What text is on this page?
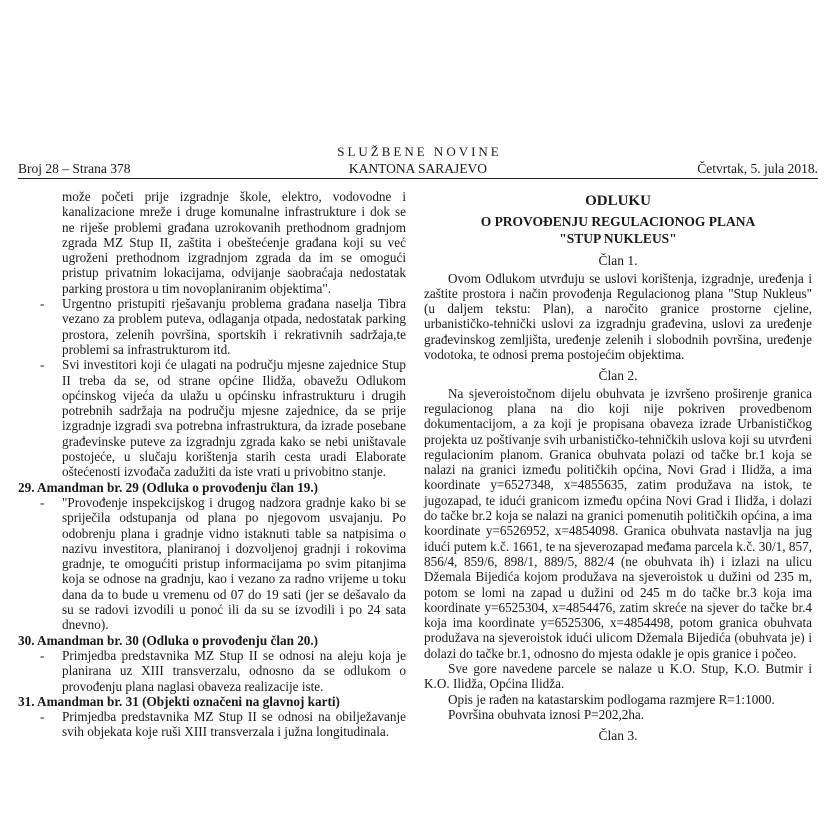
SLUŽBENE NOVINE
Broj 28 – Strana 378	KANTONA SARAJEVO	Četvrtak, 5. jula 2018.

može početi prije izgradnje škole, elektro, vodovodne i kanalizacione mreže i druge komunalne infrastrukture i dok se ne riješe problemi građana uzrokovanih prethodnom gradnjom zgrada MZ Stup II, zaštita i obeštećenje građana koji su već ugroženi prethodnom izgradnjom zgrada da im se omogući pristup privatnim lokacijama, odvijanje saobraćaja nedostatak parking prostora u tim novoplaniranim objektima".

- Urgentno pristupiti rješavanju problema građana naselja Tibra vezano za problem puteva, odlaganja otpada, nedostatak parking prostora, zelenih površina, sportskih i rekrativnih sadržaja,te problemi sa infrastrukturom itd.

- Svi investitori koji će ulagati na području mjesne zajednice Stup II treba da se, od strane općine Ilidža, obavežu Odlukom općinskog vijeća da ulažu u općinsku infrastrukturu i drugih potrebnih sadržaja na području mjesne zajednice, da se prije izgradnje izgradi sva potrebna infrastruktura, da izrade posebane građevinske puteve za izgradnju zgrada kako se nebi uništavale postojeće, u slučaju korištenja starih cesta uradi Elaborate oštećenosti izvođača zadužiti da iste vrati u privobitno stanje.

29. Amandman br. 29 (Odluka o provođenju član 19.)

- "Provođenje inspekcijskog i drugog nadzora gradnje kako bi se spriječila odstupanja od plana po njegovom usvajanju. Po odobrenju plana i gradnje vidno istaknuti table sa natpisima o nazivu investitora, planiranoj i dozvoljenoj gradnji i rokovima gradnje, te omogućiti pristup informacijama po svim pitanjima koja se odnose na gradnju, kao i vezano za radno vrijeme u toku dana da to bude u vremenu od 07 do 19 sati (jer se dešavalo da su se radovi izvodili u ponoć ili da su se izvodili i po 24 sata dnevno).

30. Amandman br. 30 (Odluka o provođenju član 20.)

- Primjedba predstavnika MZ Stup II se odnosi na aleju koja je planirana uz XIII transverzalu, odnosno da se odlukom o provođenju plana naglasi obaveza realizacije iste.

31. Amandman br. 31 (Objekti označeni na glavnoj karti)

- Primjedba predstavnika MZ Stup II se odnosi na obilježavanje svih objekata koje ruši XIII transverzala i južna longitudinala.

ODLUKU

O PROVOĐENJU REGULACIONOG PLANA

"STUP NUKLEUS"

Član 1.

Ovom Odlukom utvrđuju se uslovi korištenja, izgradnje, uređenja i zaštite prostora i način provođenja Regulacionog plana "Stup Nukleus" (u daljem tekstu: Plan), a naročito granice prostorne cjeline, urbanističko-tehnički uslovi za izgradnju građevina, uslovi za uređenje građevinskog zemljišta, uređenje zelenih i slobodnih površina, uređenje vodotoka, te odnosi prema postojećim objektima.

Član 2.

Na sjeveroistočnom dijelu obuhvata je izvršeno proširenje granica regulacionog plana na dio koji nije pokriven provedbenom dokumentacijom, a za koji je propisana obaveza izrade Urbanističkog projekta uz poštivanje svih urbanističko-tehničkih uslova koji su utvrđeni regulacionim planom. Granica obuhvata polazi od tačke br.1 koja se nalazi na granici između političkih općina, Novi Grad i Ilidža, a ima koordinate y=6527348, x=4855635, zatim produžava na istok, te jugozapad, te idući granicom između općina Novi Grad i Ilidža, i dolazi do tačke br.2 koja se nalazi na granici pomenutih političkih općina, a ima koordinate y=6526952, x=4854098. Granica obuhvata nastavlja na jug idući putem k.č. 1661, te na sjeverozapad međama parcela k.č. 30/1, 857, 856/4, 859/6, 898/1, 889/5, 882/4 (ne obuhvata ih) i izlazi na ulicu Džemala Bijedića kojom produžava na sjeveroistok u dužini od 235 m, potom se lomi na zapad u dužini od 245 m do tačke br.3 koja ima koordinate y=6525304, x=4854476, zatim skreće na sjever do tačke br.4 koja ima koordinate y=6525306, x=4854498, potom granica obuhvata produžava na sjeveroistok idući ulicom Džemala Bijedića (obuhvata je) i dolazi do tačke br.1, odnosno do mjesta odakle je opis granice i počeo.

Sve gore navedene parcele se nalaze u K.O. Stup, K.O. Butmir i K.O. Ilidža, Općina Ilidža.

Opis je rađen na katastarskim podlogama razmjere R=1:1000.

Površina obuhvata iznosi P=202,2ha.

Član 3.
